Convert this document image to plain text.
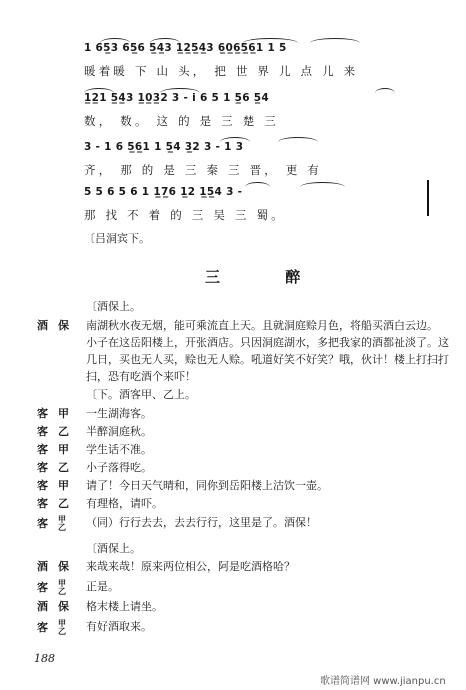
1 6̇5̲3 6̇5̲6 5̲4̲3 1̲2̲5̲4̲3 6̲0̲6̲5̲6̲1 1 5
暖着暖 下 山 头， 把 世 界 儿 点 儿 来
1̲2̲1 5̲4̲3 1̲0̲3̲2 3 - i 6 5 1 5̲6 5̲4
数， 数。 这 的 是 三 楚 三
3 - 1 6 5̲6̲1 1 5̲4 3̲2 3 - 1 3
齐， 那 的 是 三 秦 三 晋， 更 有
5 5 6 5 6 1 1̲7̲6 1̲2 1̲5̲4 3 -
那 找 不 着 的 三 吴 三 蜀。
〔吕洞宾下。
三 醉
〔酒保上。
酒保 南湖秋水夜无烟，能可乘流直上天。且就洞庭赊月色，将船买酒白云边。
小子在这岳阳楼上，开张酒店。只因洞庭湖水，多把我家的酒都祉淡了。这
几日，买也无人买，赊也无人赊。吼道好笑不好笑？哦，伙计！楼上打扫打
扫，恐有吃酒个来吓！
〔下。酒客甲、乙上。
客甲 一生湖海客。
客乙 半醉洞庭秋。
客甲 学生话不准。
客乙 小子落得吃。
客甲 请了！今日天气晴和，同你到岳阳楼上沽饮一壶。
客乙 有理格，请吓。
客甲
乙 （同）行行去去，去去行行，这里是了。酒保！
〔酒保上。
酒保 来哉来哉！原来两位相公，阿是吃酒格哈？
客甲
乙 正是。
酒保 格末楼上请坐。
客甲
乙 有好酒取来。
188
歌谱简谱网 www.jianpu.cn
